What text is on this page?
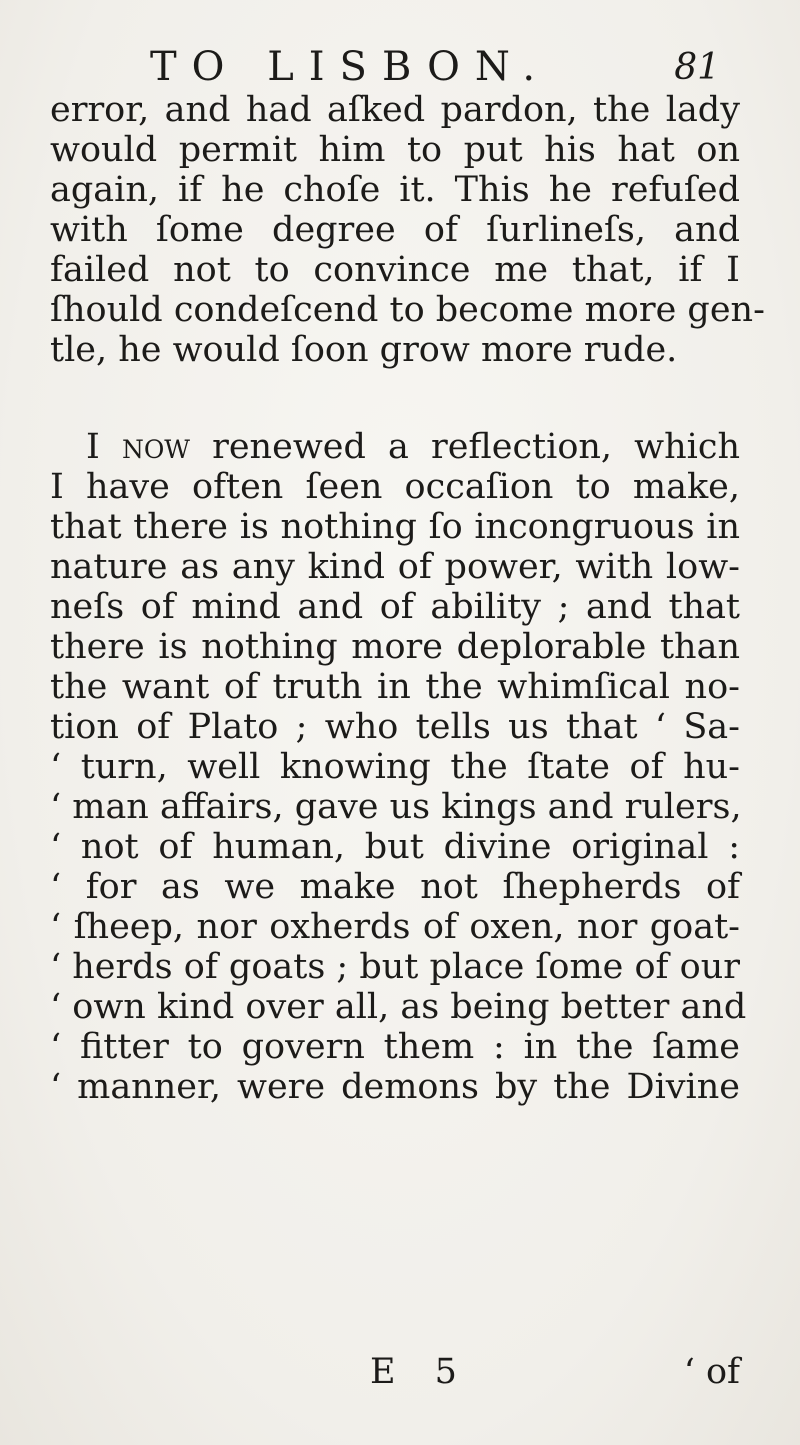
TO LISBON.	81
error, and had aſked pardon, the lady
would permit him to put his hat on
again, if he choſe it. This he refuſed
with ſome degree of ſurlineſs, and
failed not to convince me that, if I
ſhould condeſcend to become more gen-
tle, he would ſoon grow more rude.
I now renewed a reflection, which
I have often ſeen occaſion to make,
that there is nothing ſo incongruous in
nature as any kind of power, with low-
neſs of mind and of ability ; and that
there is nothing more deplorable than
the want of truth in the whimſical no-
tion of Plato ; who tells us that ‘ Sa-
‘ turn, well knowing the ſtate of hu-
‘ man affairs, gave us kings and rulers,
‘ not of human, but divine original :
‘ for as we make not ſhepherds of
‘ ſheep, nor oxherds of oxen, nor goat-
‘ herds of goats ; but place ſome of our
‘ own kind over all, as being better and
‘ fitter to govern them : in the ſame
‘ manner, were demons by the Divine
E 5	‘ of
